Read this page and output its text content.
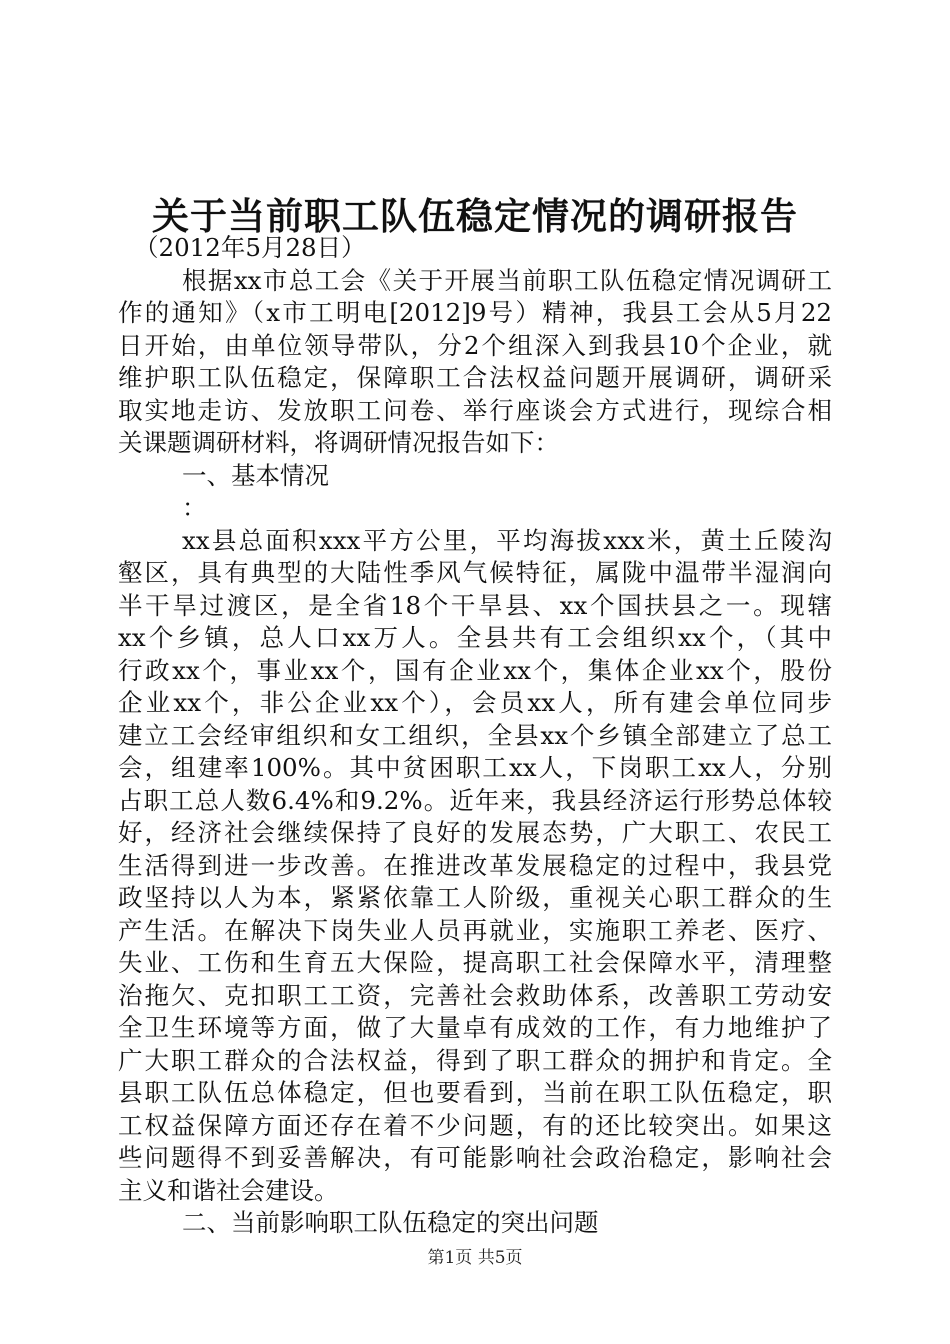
关于当前职工队伍稳定情况的调研报告
（2012年5月28日）
根据xx市总工会《关于开展当前职工队伍稳定情况调研工
作的通知》（x市工明电[2012]9号）精神，我县工会从5月22
日开始，由单位领导带队，分2个组深入到我县10个企业，就
维护职工队伍稳定，保障职工合法权益问题开展调研，调研采
取实地走访、发放职工问卷、举行座谈会方式进行，现综合相
关课题调研材料，将调研情况报告如下：
一、基本情况
：
xx县总面积xxx平方公里，平均海拔xxx米，黄土丘陵沟
壑区，具有典型的大陆性季风气候特征，属陇中温带半湿润向
半干旱过渡区，是全省18个干旱县、xx个国扶县之一。现辖
xx个乡镇，总人口xx万人。全县共有工会组织xx个，（其中
行政xx个，事业xx个，国有企业xx个，集体企业xx个，股份
企业xx个，非公企业xx个），会员xx人，所有建会单位同步
建立工会经审组织和女工组织，全县xx个乡镇全部建立了总工
会，组建率100%。其中贫困职工xx人，下岗职工xx人，分别
占职工总人数6.4%和9.2%。近年来，我县经济运行形势总体较
好，经济社会继续保持了良好的发展态势，广大职工、农民工
生活得到进一步改善。在推进改革发展稳定的过程中，我县党
政坚持以人为本，紧紧依靠工人阶级，重视关心职工群众的生
产生活。在解决下岗失业人员再就业，实施职工养老、医疗、
失业、工伤和生育五大保险，提高职工社会保障水平，清理整
治拖欠、克扣职工工资，完善社会救助体系，改善职工劳动安
全卫生环境等方面，做了大量卓有成效的工作，有力地维护了
广大职工群众的合法权益，得到了职工群众的拥护和肯定。全
县职工队伍总体稳定，但也要看到，当前在职工队伍稳定，职
工权益保障方面还存在着不少问题，有的还比较突出。如果这
些问题得不到妥善解决，有可能影响社会政治稳定，影响社会
主义和谐社会建设。
二、当前影响职工队伍稳定的突出问题
第1页 共5页
